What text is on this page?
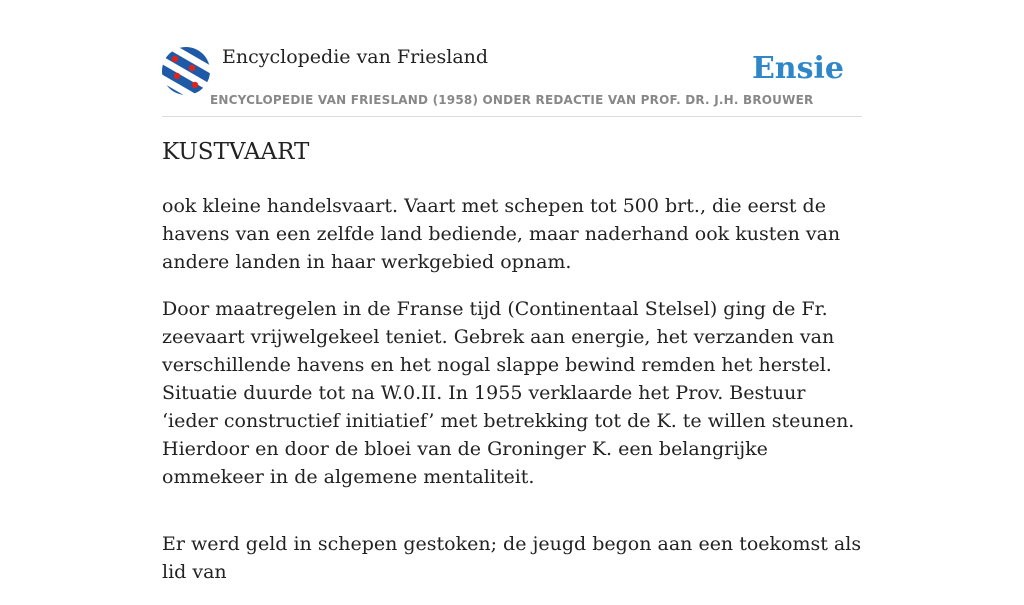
Encyclopedie van Friesland	Ensie
ENCYCLOPEDIE VAN FRIESLAND (1958) ONDER REDACTIE VAN PROF. DR. J.H. BROUWER
KUSTVAART

ook kleine handelsvaart. Vaart met schepen tot 500 brt., die eerst de havens van een zelfde land bediende, maar naderhand ook kusten van andere landen in haar werkgebied opnam.

Door maatregelen in de Franse tijd (Continentaal Stelsel) ging de Fr. zeevaart vrijwelgekeel teniet. Gebrek aan energie, het verzanden van verschillende havens en het nogal slappe bewind remden het herstel. Situatie duurde tot na W.0.II. In 1955 verklaarde het Prov. Bestuur ‘ieder constructief initiatief’ met betrekking tot de K. te willen steunen. Hierdoor en door de bloei van de Groninger K. een belangrijke ommekeer in de algemene mentaliteit.

Er werd geld in schepen gestoken; de jeugd begon aan een toekomst als lid van
